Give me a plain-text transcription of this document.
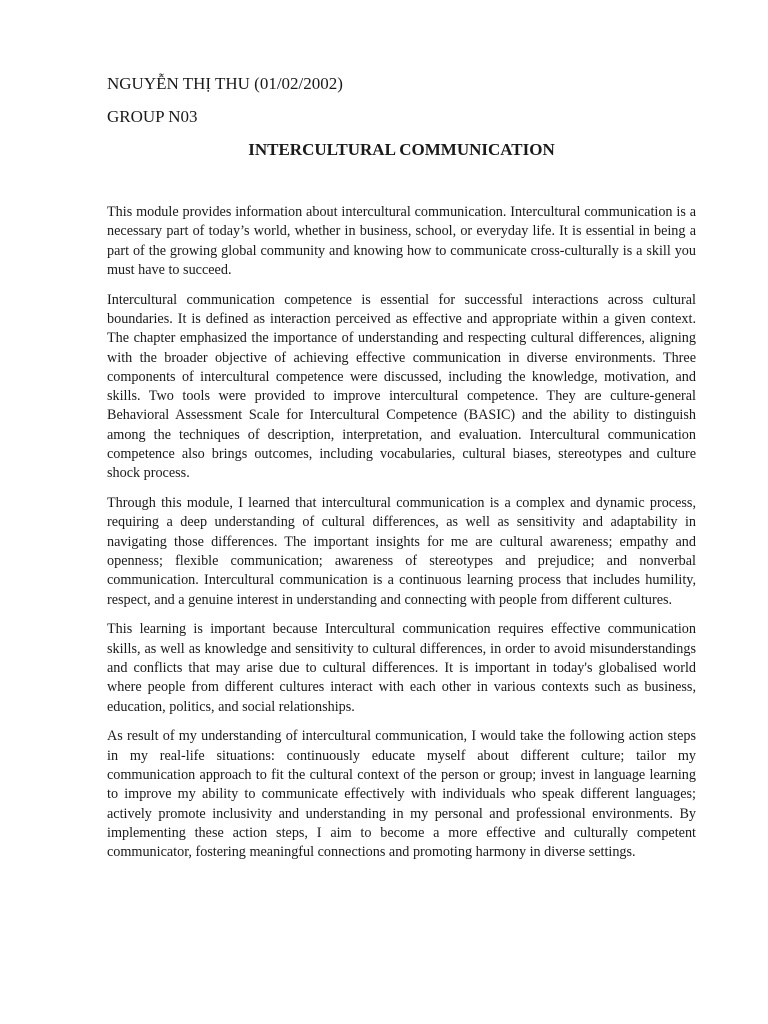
NGUYỄN THỊ THU (01/02/2002)
GROUP N03
INTERCULTURAL COMMUNICATION

This module provides information about intercultural communication. Intercultural communication is a necessary part of today’s world, whether in business, school, or everyday life. It is essential in being a part of the growing global community and knowing how to communicate cross-culturally is a skill you must have to succeed.

Intercultural communication competence is essential for successful interactions across cultural boundaries. It is defined as interaction perceived as effective and appropriate within a given context. The chapter emphasized the importance of understanding and respecting cultural differences, aligning with the broader objective of achieving effective communication in diverse environments. Three components of intercultural competence were discussed, including the knowledge, motivation, and skills. Two tools were provided to improve intercultural competence. They are culture-general Behavioral Assessment Scale for Intercultural Competence (BASIC) and the ability to distinguish among the techniques of description, interpretation, and evaluation. Intercultural communication competence also brings outcomes, including vocabularies, cultural biases, stereotypes and culture shock process.

Through this module, I learned that intercultural communication is a complex and dynamic process, requiring a deep understanding of cultural differences, as well as sensitivity and adaptability in navigating those differences. The important insights for me are cultural awareness; empathy and openness; flexible communication; awareness of stereotypes and prejudice; and nonverbal communication. Intercultural communication is a continuous learning process that includes humility, respect, and a genuine interest in understanding and connecting with people from different cultures.

This learning is important because Intercultural communication requires effective communication skills, as well as knowledge and sensitivity to cultural differences, in order to avoid misunderstandings and conflicts that may arise due to cultural differences. It is important in today's globalised world where people from different cultures interact with each other in various contexts such as business, education, politics, and social relationships.

As result of my understanding of intercultural communication, I would take the following action steps in my real-life situations: continuously educate myself about different culture; tailor my communication approach to fit the cultural context of the person or group; invest in language learning to improve my ability to communicate effectively with individuals who speak different languages; actively promote inclusivity and understanding in my personal and professional environments. By implementing these action steps, I aim to become a more effective and culturally competent communicator, fostering meaningful connections and promoting harmony in diverse settings.
